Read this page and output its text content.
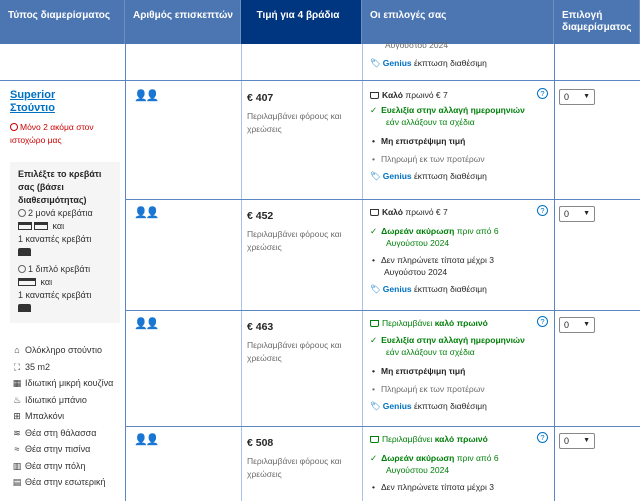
Τύπος διαμερίσματος	Αριθμός επισκεπτών	Τιμή για 4 βράδια	Οι επιλογές σας	Επιλογή
διαμερίσματος
Αυγούστου 2024
🏷 Genius έκπτωση διαθέσιμη
Superior
Στούντιο
Μόνο 2 ακόμα στον
ιστοχώρο μας
Επιλέξτε το κρεβάτι
σας (βάσει
διαθεσιμότητας)
2 μονά κρεβάτια
και
1 καναπές κρεβάτι
1 διπλό κρεβάτι
και
1 καναπές κρεβάτι
⌂ Ολόκληρο στούντιο
⛶ 35 m2
▦ Ιδιωτική μικρή κουζίνα
♨ Ιδιωτικό μπάνιο
⊞ Μπαλκόνι
≋ Θέα στη θάλασσα
≈ Θέα στην πισίνα
▥ Θέα στην πόλη
▤ Θέα στην εσωτερική
👤👤	€ 407
Περιλαμβάνει φόρους και
χρεώσεις
Καλό πρωινό € 7
✓ Ευελιξία στην αλλαγή ημερομηνιών
εάν αλλάξουν τα σχέδια
• Μη επιστρέψιμη τιμή
• Πληρωμή εκ των προτέρων
🏷 Genius έκπτωση διαθέσιμη
?	0 ▼
👤👤	€ 452
Περιλαμβάνει φόρους και
χρεώσεις
Καλό πρωινό € 7
✓ Δωρεάν ακύρωση πριν από 6
Αυγούστου 2024
• Δεν πληρώνετε τίποτα μέχρι 3
Αυγούστου 2024
🏷 Genius έκπτωση διαθέσιμη
?	0 ▼
👤👤	€ 463
Περιλαμβάνει φόρους και
χρεώσεις
Περιλαμβάνει καλό πρωινό
✓ Ευελιξία στην αλλαγή ημερομηνιών
εάν αλλάξουν τα σχέδια
• Μη επιστρέψιμη τιμή
• Πληρωμή εκ των προτέρων
🏷 Genius έκπτωση διαθέσιμη
?	0 ▼
👤👤	€ 508
Περιλαμβάνει φόρους και
χρεώσεις
Περιλαμβάνει καλό πρωινό
✓ Δωρεάν ακύρωση πριν από 6
Αυγούστου 2024
• Δεν πληρώνετε τίποτα μέχρι 3
?	0 ▼
